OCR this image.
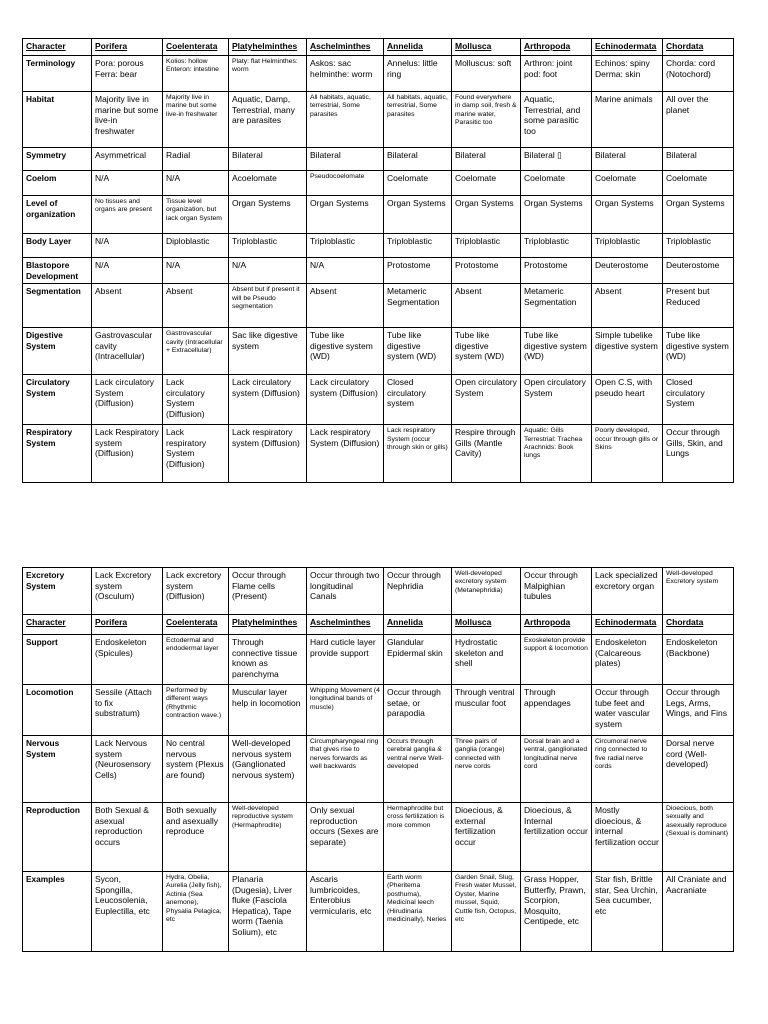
Character	Porifera	Coelenterata	Platyhelminthes	Aschelminthes	Annelida	Mollusca	Arthropoda	Echinodermata	Chordata
Terminology	Pora: porous Ferra: bear	Kolios: hollow Enteron: intestine	Platy: flat Helminthes: worm	Askos: sac helminthe: worm	Annelus: little ring	Molluscus: soft	Arthron: joint pod: foot	Echinos: spiny Derma: skin	Chorda: cord (Notochord)
Habitat	Majority live in marine but some live-in freshwater	Majority live in marine but some live-in freshwater	Aquatic, Damp, Terrestrial, many are parasites	All habitats, aquatic, terrestrial, Some parasites	All habitats, aquatic, terrestrial, Some parasites	Found everywhere in damp soil, fresh & marine water, Parasitic too	Aquatic, Terrestrial, and some parasitic too	Marine animals	All over the planet
Symmetry	Asymmetrical	Radial	Bilateral	Bilateral	Bilateral	Bilateral	Bilateral ▯	Bilateral	Bilateral
Coelom	N/A	N/A	Acoelomate	Pseudocoelomate	Coelomate	Coelomate	Coelomate	Coelomate	Coelomate
Level of organization	No tissues and organs are present	Tissue level organization, but lack organ System	Organ Systems	Organ Systems	Organ Systems	Organ Systems	Organ Systems	Organ Systems	Organ Systems
Body Layer	N/A	Diploblastic	Triploblastic	Triploblastic	Triploblastic	Triploblastic	Triploblastic	Triploblastic	Triploblastic
Blastopore Development	N/A	N/A	N/A	N/A	Protostome	Protostome	Protostome	Deuterostome	Deuterostome
Segmentation	Absent	Absent	Absent but if present it will be Pseudo segmentation	Absent	Metameric Segmentation	Absent	Metameric Segmentation	Absent	Present but Reduced
Digestive System	Gastrovascular cavity (Intracellular)	Gastrovascular cavity (Intracellular + Extracellular)	Sac like digestive system	Tube like digestive system (WD)	Tube like digestive system (WD)	Tube like digestive system (WD)	Tube like digestive system (WD)	Simple tubelike digestive system	Tube like digestive system (WD)
Circulatory System	Lack circulatory System (Diffusion)	Lack circulatory System (Diffusion)	Lack circulatory system (Diffusion)	Lack circulatory system (Diffusion)	Closed circulatory system	Open circulatory System	Open circulatory System	Open C.S, with pseudo heart	Closed circulatory System
Respiratory System	Lack Respiratory system (Diffusion)	Lack respiratory System (Diffusion)	Lack respiratory system (Diffusion)	Lack respiratory System (Diffusion)	Lack respiratory System (occur through skin or gills)	Respire through Gills (Mantle Cavity)	Aquatic: Gills Terrestrial: Trachea Arachnids: Book lungs	Poorly developed, occur through gills or Skins	Occur through Gills, Skin, and Lungs
Excretory System	Lack Excretory system (Osculum)	Lack excretory system (Diffusion)	Occur through Flame cells (Present)	Occur through two longitudinal Canals	Occur through Nephridia	Well-developed excretory system (Metanephridia)	Occur through Malpighian tubules	Lack specialized excretory organ	Well-developed Excretory system
Character	Porifera	Coelenterata	Platyhelminthes	Aschelminthes	Annelida	Mollusca	Arthropoda	Echinodermata	Chordata
Support	Endoskeleton (Spicules)	Ectodermal and endodermal layer	Through connective tissue known as parenchyma	Hard cuticle layer provide support	Glandular Epidermal skin	Hydrostatic skeleton and shell	Exoskeleton provide support & locomotion	Endoskeleton (Calcareous plates)	Endoskeleton (Backbone)
Locomotion	Sessile (Attach to fix substratum)	Performed by different ways (Rhythmic contraction wave.)	Muscular layer help in locomotion	Whipping Movement (4 longitudinal bands of muscle)	Occur through setae, or parapodia	Through ventral muscular foot	Through appendages	Occur through tube feet and water vascular system	Occur through Legs, Arms, Wings, and Fins
Nervous System	Lack Nervous system (Neurosensory Cells)	No central nervous system (Plexus are found)	Well-developed nervous system (Ganglionated nervous system)	Circumpharyngeal ring that gives rise to nerves forwards as well backwards	Occurs through cerebral ganglia & ventral nerve Well-developed	Three pairs of ganglia (orange) connected with nerve cords	Dorsal brain and a ventral, ganglionated longitudinal nerve cord	Circumoral nerve ring connected to five radial nerve cords	Dorsal nerve cord (Well-developed)
Reproduction	Both Sexual & asexual reproduction occurs	Both sexually and asexually reproduce	Well-developed reproductive system (Hermaphrodite)	Only sexual reproduction occurs (Sexes are separate)	Hermaphrodite but cross fertilization is more common	Dioecious, & external fertilization occur	Dioecious, & Internal fertilization occur	Mostly dioecious, & internal fertilization occur	Dioecious, both sexually and asexually reproduce (Sexual is dominant)
Examples	Sycon, Spongilla, Leucosolenia, Euplectilla, etc	Hydra, Obelia, Aurelia (Jelly fish), Actinia (Sea anemone), Physalia Pelagica, etc	Planaria (Dugesia), Liver fluke (Fasciola Hepatica), Tape worm (Taenia Solium), etc	Ascaris lumbricoides, Enterobius vermicularis, etc	Earth worm (Pheritema posthuma), Medicinal leech (Hirudinaria medicinally), Neries	Garden Snail, Slug, Fresh water Mussel, Oyster, Marine mussel, Squid, Cuttle fish, Octopus, etc	Grass Hopper, Butterfly, Prawn, Scorpion, Mosquito, Centipede, etc	Star fish, Brittle star, Sea Urchin, Sea cucumber, etc	All Craniate and Aacraniate
